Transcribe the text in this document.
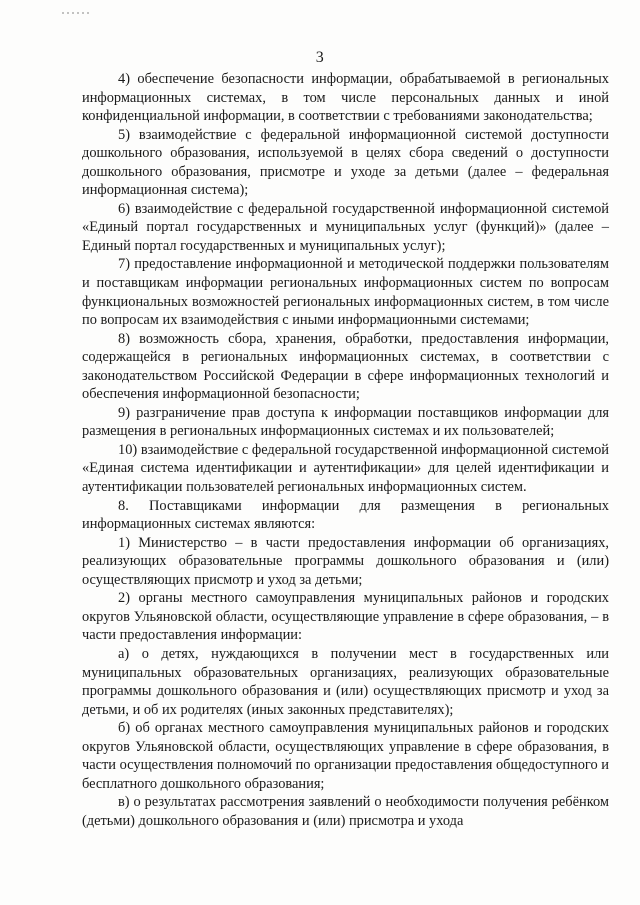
3

4) обеспечение безопасности информации, обрабатываемой в региональных информационных системах, в том числе персональных данных и иной конфиденциальной информации, в соответствии с требованиями законодательства;

5) взаимодействие с федеральной информационной системой доступности дошкольного образования, используемой в целях сбора сведений о доступности дошкольного образования, присмотре и уходе за детьми (далее – федеральная информационная система);

6) взаимодействие с федеральной государственной информационной системой «Единый портал государственных и муниципальных услуг (функций)» (далее – Единый портал государственных и муниципальных услуг);

7) предоставление информационной и методической поддержки пользователям и поставщикам информации региональных информационных систем по вопросам функциональных возможностей региональных информационных систем, в том числе по вопросам их взаимодействия с иными информационными системами;

8) возможность сбора, хранения, обработки, предоставления информации, содержащейся в региональных информационных системах, в соответствии с законодательством Российской Федерации в сфере информационных технологий и обеспечения информационной безопасности;

9) разграничение прав доступа к информации поставщиков информации для размещения в региональных информационных системах и их пользователей;

10) взаимодействие с федеральной государственной информационной системой «Единая система идентификации и аутентификации» для целей идентификации и аутентификации пользователей региональных информационных систем.

8. Поставщиками информации для размещения в региональных информационных системах являются:

1) Министерство – в части предоставления информации об организациях, реализующих образовательные программы дошкольного образования и (или) осуществляющих присмотр и уход за детьми;

2) органы местного самоуправления муниципальных районов и городских округов Ульяновской области, осуществляющие управление в сфере образования, – в части предоставления информации:

а) о детях, нуждающихся в получении мест в государственных или муниципальных образовательных организациях, реализующих образовательные программы дошкольного образования и (или) осуществляющих присмотр и уход за детьми, и об их родителях (иных законных представителях);

б) об органах местного самоуправления муниципальных районов и городских округов Ульяновской области, осуществляющих управление в сфере образования, в части осуществления полномочий по организации предоставления общедоступного и бесплатного дошкольного образования;

в) о результатах рассмотрения заявлений о необходимости получения ребёнком (детьми) дошкольного образования и (или) присмотра и ухода
